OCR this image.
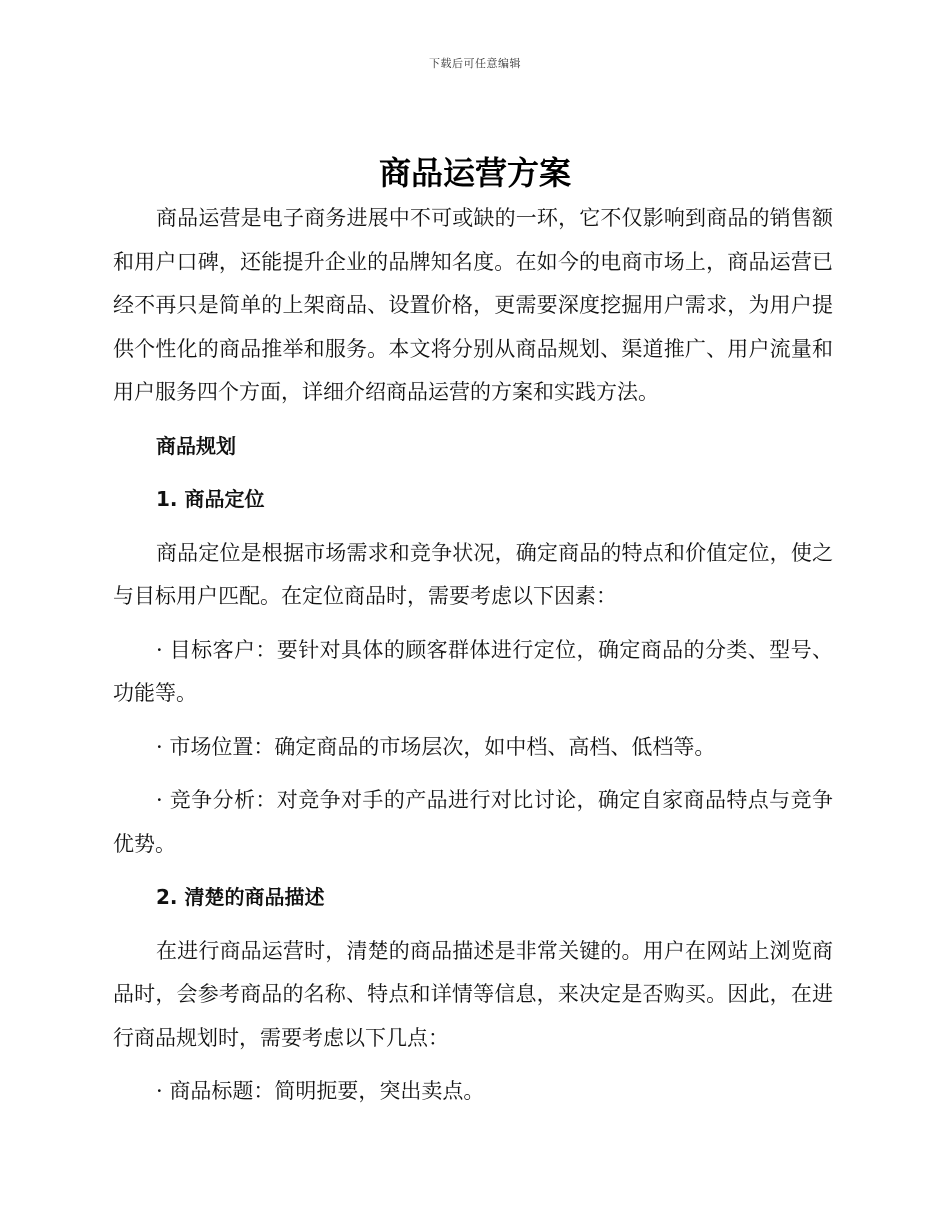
下载后可任意编辑
商品运营方案

商品运营是电子商务进展中不可或缺的一环，它不仅影响到商品的销售额和用户口碑，还能提升企业的品牌知名度。在如今的电商市场上，商品运营已经不再只是简单的上架商品、设置价格，更需要深度挖掘用户需求，为用户提供个性化的商品推举和服务。本文将分别从商品规划、渠道推广、用户流量和用户服务四个方面，详细介绍商品运营的方案和实践方法。

商品规划
1. 商品定位

商品定位是根据市场需求和竞争状况，确定商品的特点和价值定位，使之与目标用户匹配。在定位商品时，需要考虑以下因素：

· 目标客户：要针对具体的顾客群体进行定位，确定商品的分类、型号、功能等。

· 市场位置：确定商品的市场层次，如中档、高档、低档等。

· 竞争分析：对竞争对手的产品进行对比讨论，确定自家商品特点与竞争优势。

2. 清楚的商品描述

在进行商品运营时，清楚的商品描述是非常关键的。用户在网站上浏览商品时，会参考商品的名称、特点和详情等信息，来决定是否购买。因此，在进行商品规划时，需要考虑以下几点：

· 商品标题：简明扼要，突出卖点。
